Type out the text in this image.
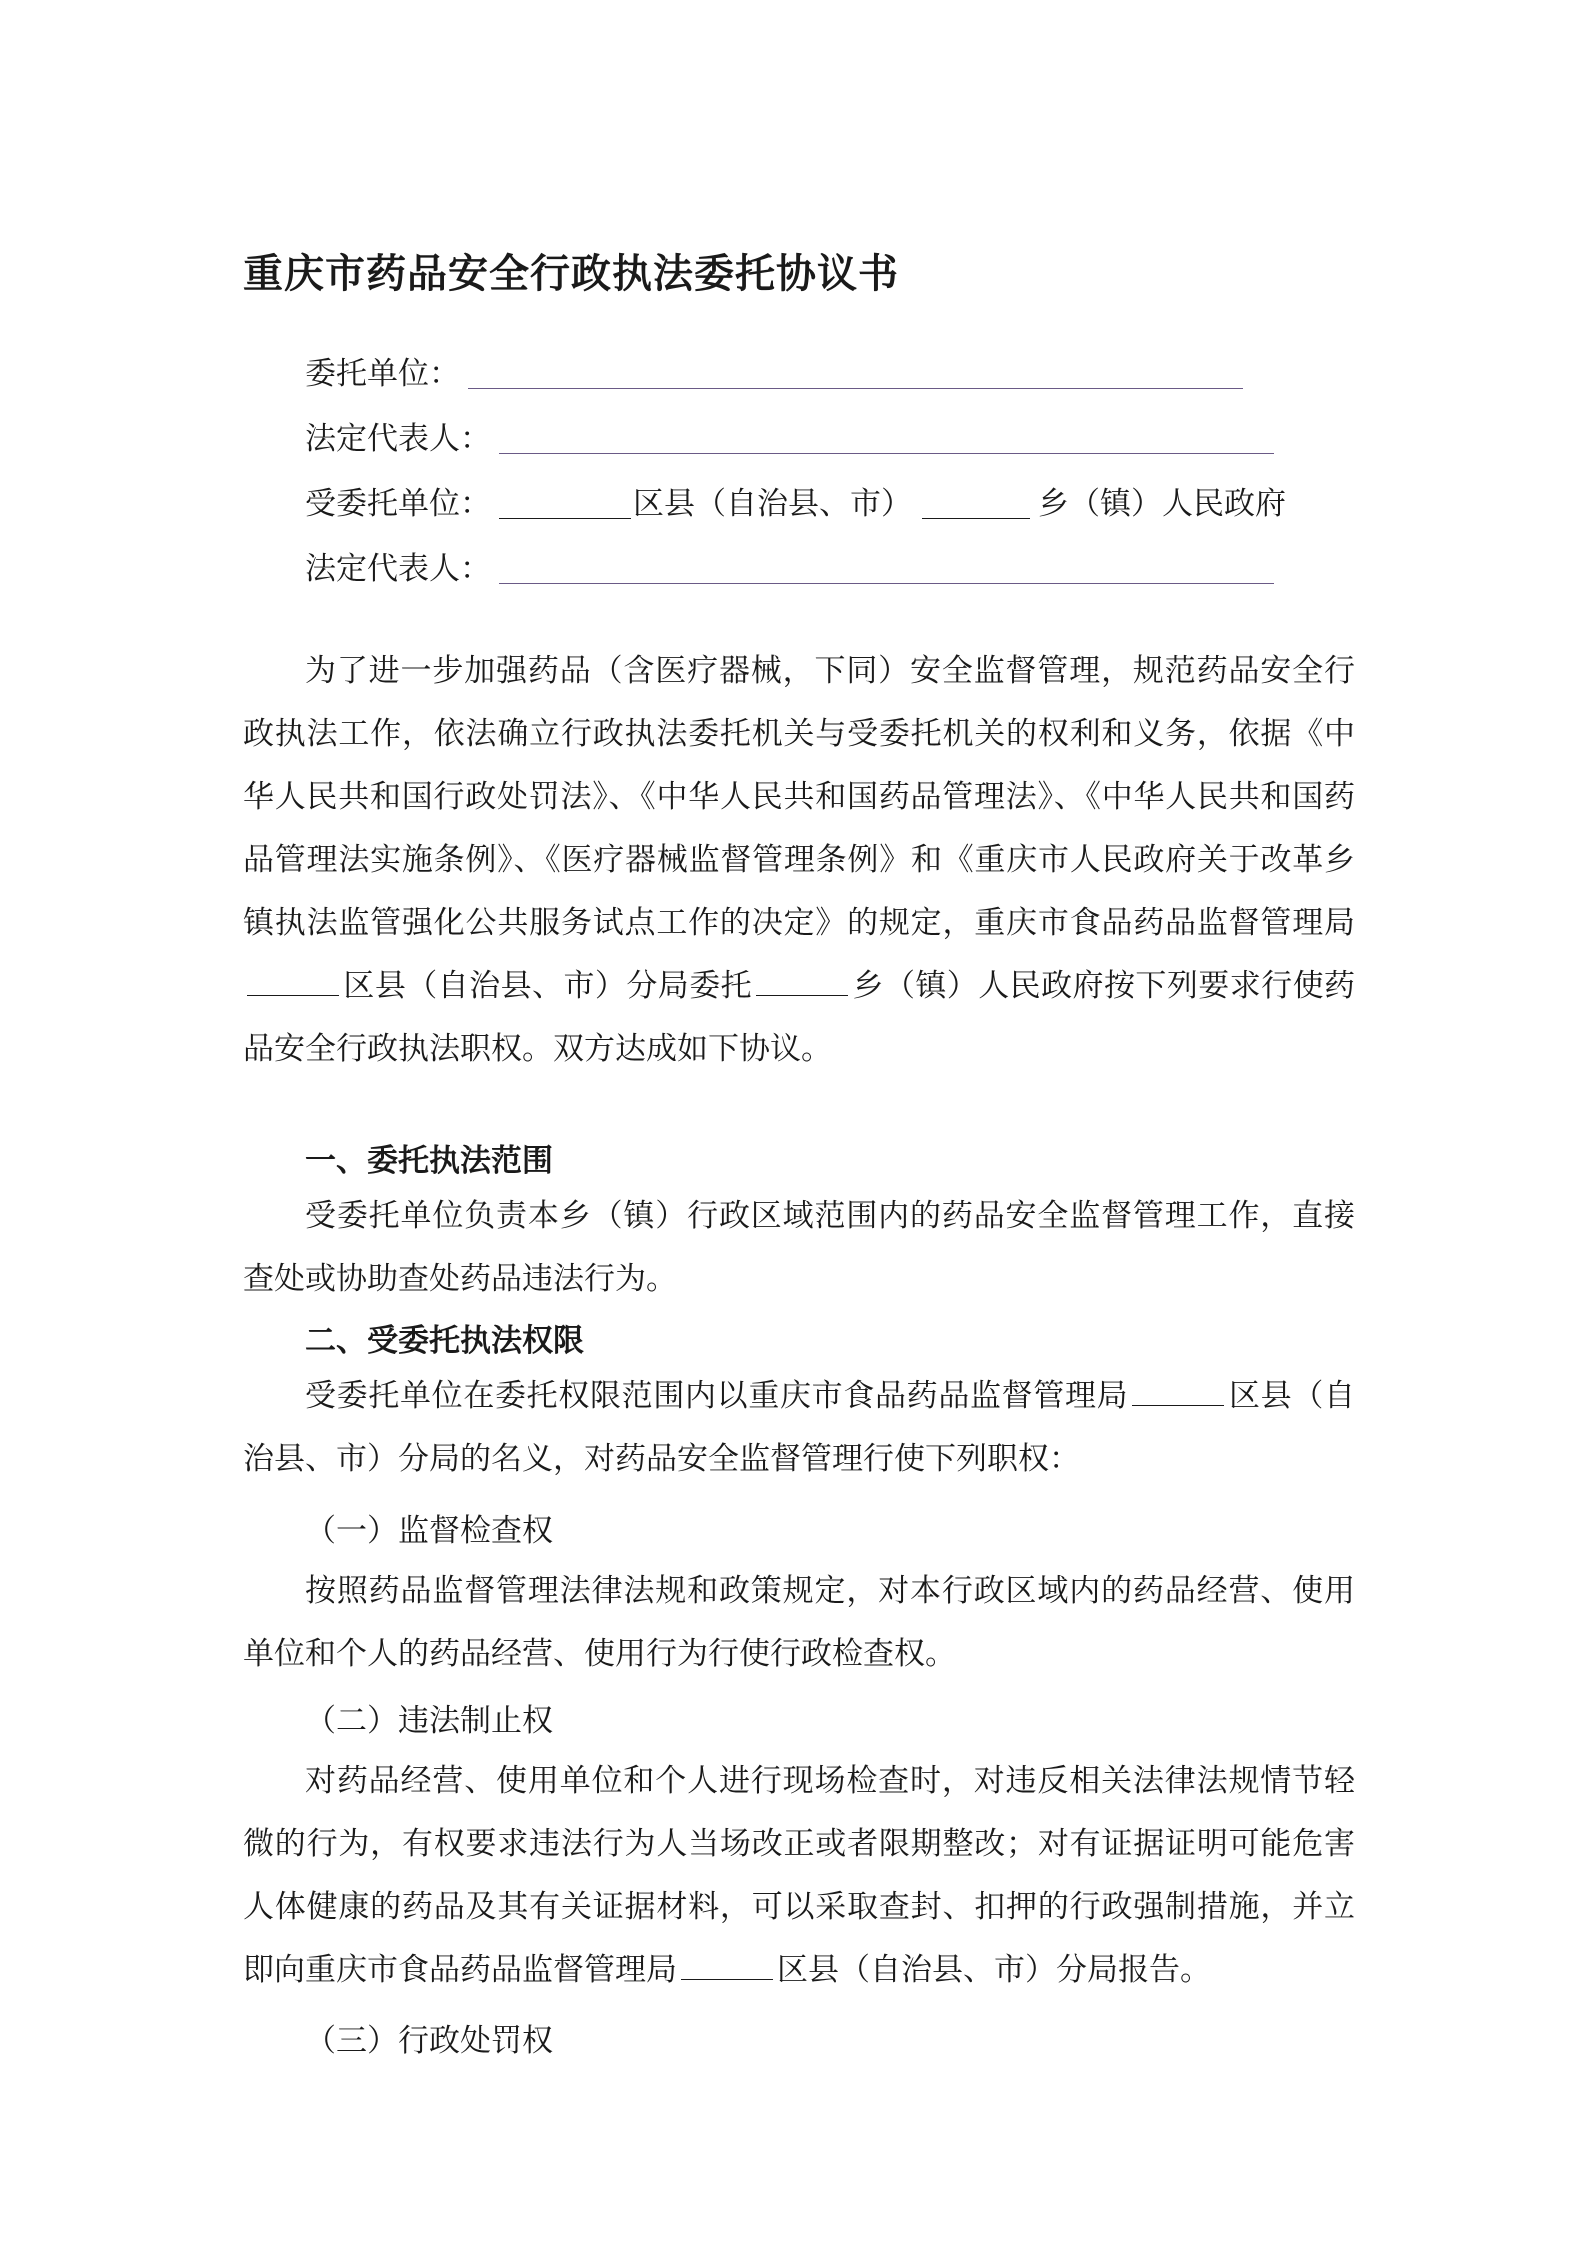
重庆市药品安全行政执法委托协议书
委托单位：
法定代表人：
受委托单位：	区县（自治县、市）	乡（镇）人民政府
法定代表人：

为了进一步加强药品（含医疗器械，下同）安全监督管理，规范药品安全行政执法工作，依法确立行政执法委托机关与受委托机关的权利和义务，依据《中华人民共和国行政处罚法》、《中华人民共和国药品管理法》、《中华人民共和国药品管理法实施条例》、《医疗器械监督管理条例》和《重庆市人民政府关于改革乡镇执法监管强化公共服务试点工作的决定》的规定，重庆市食品药品监督管理局区县（自治县、市）分局委托	乡（镇）人民政府按下列要求行使药品安全行政执法职权。双方达成如下协议。

一、委托执法范围

受委托单位负责本乡（镇）行政区域范围内的药品安全监督管理工作，直接查处或协助查处药品违法行为。

二、受委托执法权限

受委托单位在委托权限范围内以重庆市食品药品监督管理局	区县（自治县、市）分局的名义，对药品安全监督管理行使下列职权：

（一）监督检查权

按照药品监督管理法律法规和政策规定，对本行政区域内的药品经营、使用单位和个人的药品经营、使用行为行使行政检查权。

（二）违法制止权

对药品经营、使用单位和个人进行现场检查时，对违反相关法律法规情节轻微的行为，有权要求违法行为人当场改正或者限期整改；对有证据证明可能危害人体健康的药品及其有关证据材料，可以采取查封、扣押的行政强制措施，并立即向重庆市食品药品监督管理局	区县（自治县、市）分局报告。

（三）行政处罚权
